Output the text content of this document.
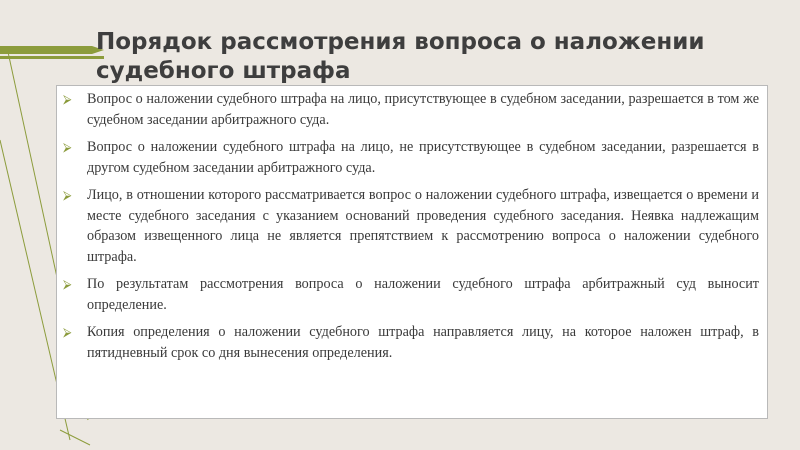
Порядок рассмотрения вопроса о наложении судебного штрафа
⮚ Вопрос о наложении судебного штрафа на лицо, присутствующее в судебном заседании, разрешается в том же судебном заседании арбитражного суда.
⮚ Вопрос о наложении судебного штрафа на лицо, не присутствующее в судебном заседании, разрешается в другом судебном заседании арбитражного суда.
⮚ Лицо, в отношении которого рассматривается вопрос о наложении судебного штрафа, извещается о времени и месте судебного заседания с указанием оснований проведения судебного заседания. Неявка надлежащим образом извещенного лица не является препятствием к рассмотрению вопроса о наложении судебного штрафа.
⮚ По результатам рассмотрения вопроса о наложении судебного штрафа арбитражный суд выносит определение.
⮚ Копия определения о наложении судебного штрафа направляется лицу, на которое наложен штраф, в пятидневный срок со дня вынесения определения.
